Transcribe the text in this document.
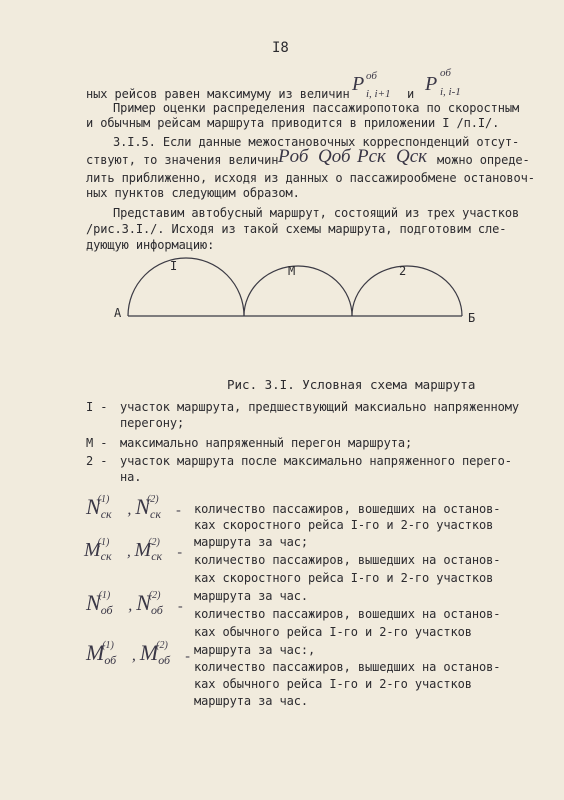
I8
ных рейсов равен максимуму из величин P об
i, i+1 и P об
i, i-1
Пример оценки распределения пассажиропотока по скоростным
и обычным рейсам маршрута приводится в приложении I /п.I/.
3.I.5. Если данные межостановочных корреспонденций отсут-
ствуют, то значения величин Pоб Qоб Pск Qск можно опреде-
лить приближенно, исходя из данных о пассажирообмене остановоч-
ных пунктов следующим образом.
Представим автобусный маршрут, состоящий из трех участков
/рис.3.I./. Исходя из такой схемы маршрута, подготовим сле-
дующую информацию:
I	M	2
А	Б
Рис. 3.I. Условная схема маршрута
I - участок маршрута, предшествующий максиально напряженному
перегону;
М - максимально напряженный перегон маршрута;
2 - участок маршрута после максимально напряженного перего-
на.
Nск$^{(1)}$ , Nск$^{(2)}$ - количество пассажиров, вошедших на останов-
ках скоростного рейса I-го и 2-го участков
маршрута за час;
$M_{ск}^{(1)}$ , $M_{ск}^{(2)}$ - количество пассажиров, вышедших на останов-
ках скоростного рейса I-го и 2-го участков
маршрута за час.
Nоб$^{(1)}$ , Nоб$^{(2)}$ - количество пассажиров, вошедших на останов-
ках обычного рейса I-го и 2-го участков
маршрута за час:,
Mоб$^{(1)}$ , Mоб$^{(2)}$ -
количество пассажиров, вышедших на останов-
ках обычного рейса I-го и 2-го участков
маршрута за час.
